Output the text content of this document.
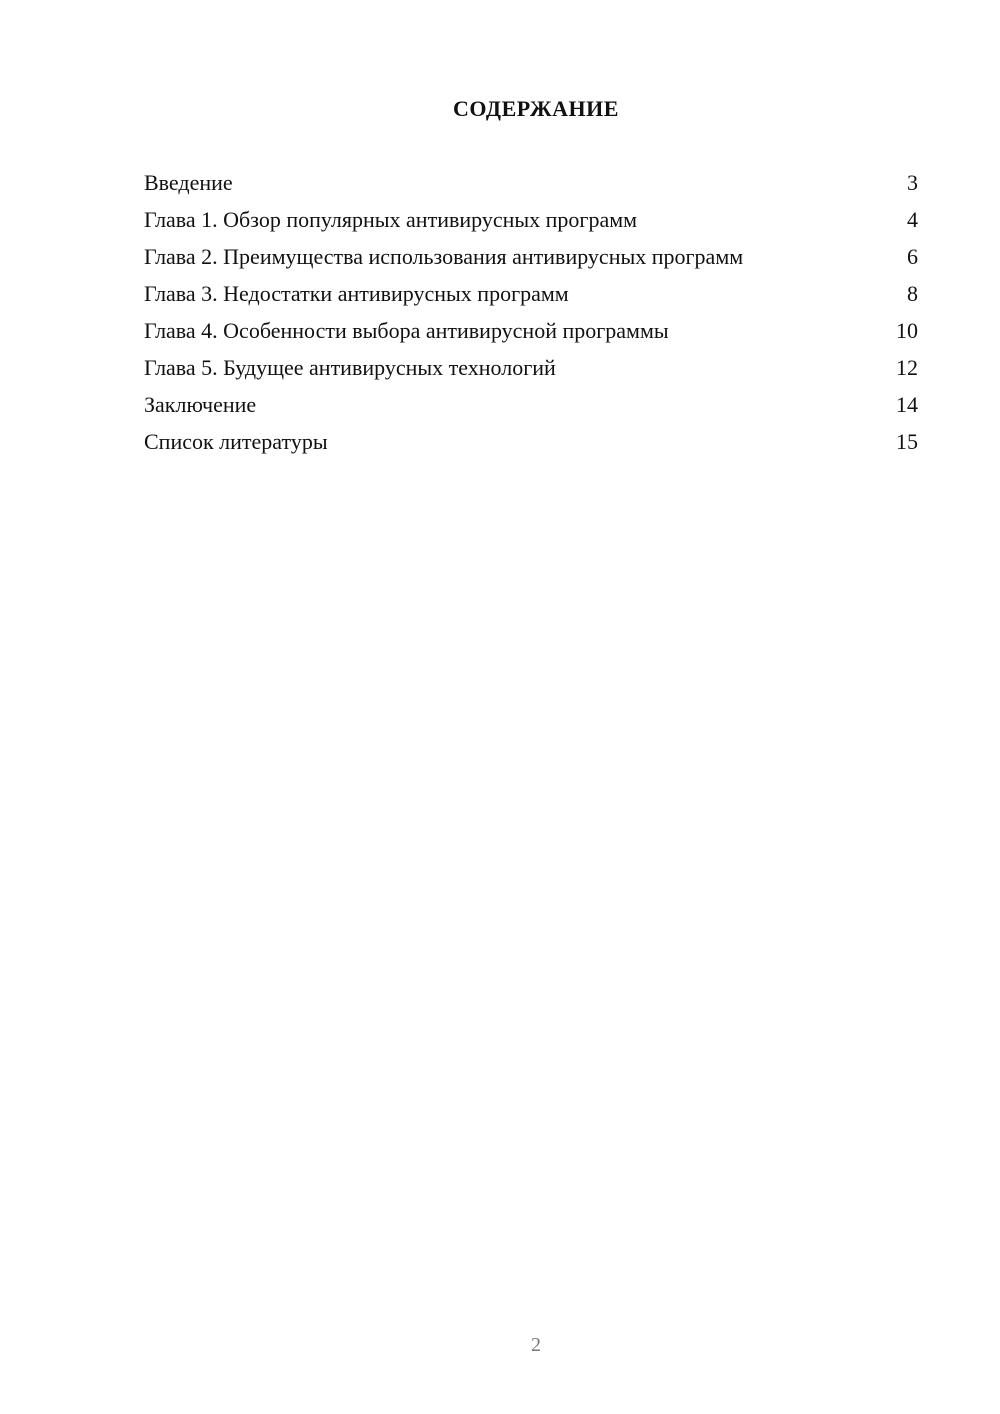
СОДЕРЖАНИЕ
Введение	3
Глава 1. Обзор популярных антивирусных программ	4
Глава 2. Преимущества использования антивирусных программ	6
Глава 3. Недостатки антивирусных программ	8
Глава 4. Особенности выбора антивирусной программы	10
Глава 5. Будущее антивирусных технологий	12
Заключение	14
Список литературы	15
2
